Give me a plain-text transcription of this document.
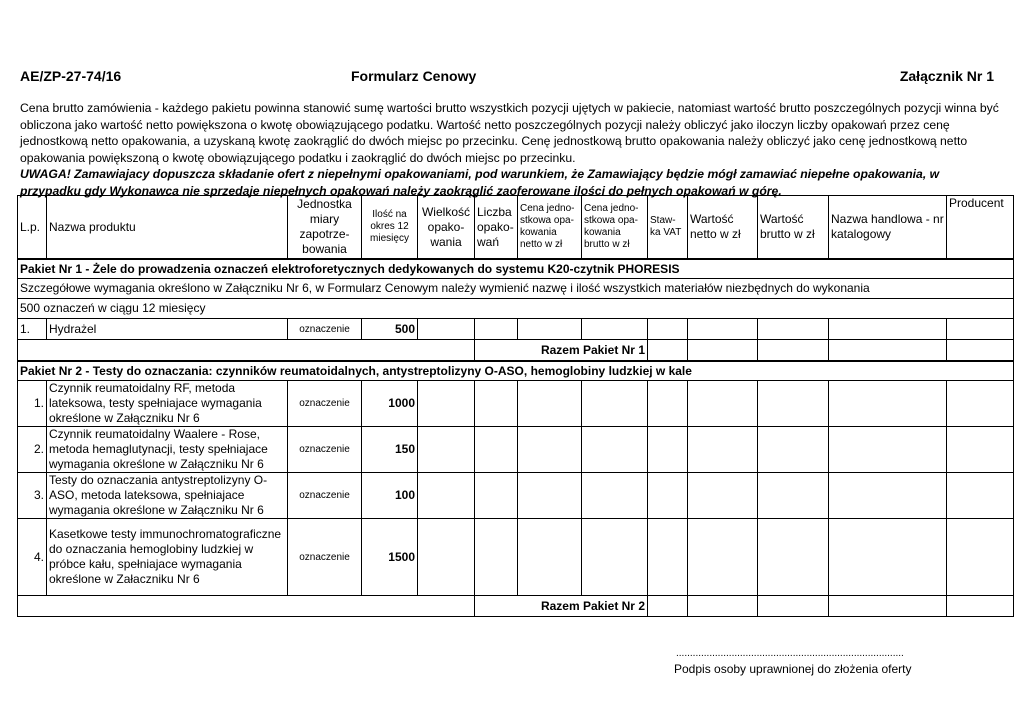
AE/ZP-27-74/16	Formularz Cenowy	Załącznik Nr 1

Cena brutto zamówienia - każdego pakietu powinna stanowić sumę wartości brutto wszystkich pozycji ujętych w pakiecie, natomiast wartość brutto poszczególnych pozycji winna być obliczona jako wartość netto powiększona o kwotę obowiązującego podatku. Wartość netto poszczególnych pozycji należy obliczyć jako iloczyn liczby opakowań przez cenę jednostkową netto opakowania, a uzyskaną kwotę zaokrąglić do dwóch miejsc po przecinku. Cenę jednostkową brutto opakowania należy obliczyć jako cenę jednostkową netto opakowania powiększoną o kwotę obowiązującego podatku i zaokrąglić do dwóch miejsc po przecinku.

UWAGA! Zamawiajacy dopuszcza składanie ofert z niepełnymi opakowaniami, pod warunkiem, że Zamawiający będzie mógł zamawiać niepełne opakowania, w przypadku gdy Wykonawca nie sprzedaje niepełnych opakowań należy zaokrąglić zaoferowane ilości do pełnych opakowań w górę.

L.p.	Nazwa produktu	Jednostka miary zapotrze-bowania	Ilość na okres 12 miesięcy	Wielkość opako-wania	Liczba opako-wań	Cena jedno-stkowa opa-kowania netto w zł	Cena jedno-stkowa opa-kowania brutto w zł	Staw-ka VAT	Wartość netto w zł	Wartość brutto w zł	Nazwa handlowa - nr katalogowy	Producent
Pakiet Nr 1 - Żele do prowadzenia oznaczeń elektroforetycznych dedykowanych do systemu K20-czytnik PHORESIS												
Szczegółowe wymagania określono w Załączniku Nr 6, w Formularz Cenowym należy wymienić nazwę i ilość wszystkich materiałów niezbędnych do wykonania												
500 oznaczeń w ciągu 12 miesięcy												
1.	Hydrażel	oznaczenie	500									
					Razem Pakiet Nr 1							
Pakiet Nr 2 - Testy do oznaczania: czynników reumatoidalnych, antystreptolizyny O-ASO, hemoglobiny ludzkiej w kale												
1.	Czynnik reumatoidalny RF, metoda lateksowa, testy spełniajace wymagania określone w Załączniku Nr 6	oznaczenie	1000									
2.	Czynnik reumatoidalny Waalere - Rose, metoda hemaglutynacji, testy spełniajace wymagania określone w Załączniku Nr 6	oznaczenie	150									
3.	Testy do oznaczania antystreptolizyny O-ASO, metoda lateksowa, spełniajace wymagania określone w Załączniku Nr 6	oznaczenie	100									
4.	Kasetkowe testy immunochromatograficzne do oznaczania hemoglobiny ludzkiej w próbce kału, spełniajace wymagania określone w Załaczniku Nr 6	oznaczenie	1500									
					Razem Pakiet Nr 2							
..................................................................................
Podpis osoby uprawnionej do złożenia oferty
